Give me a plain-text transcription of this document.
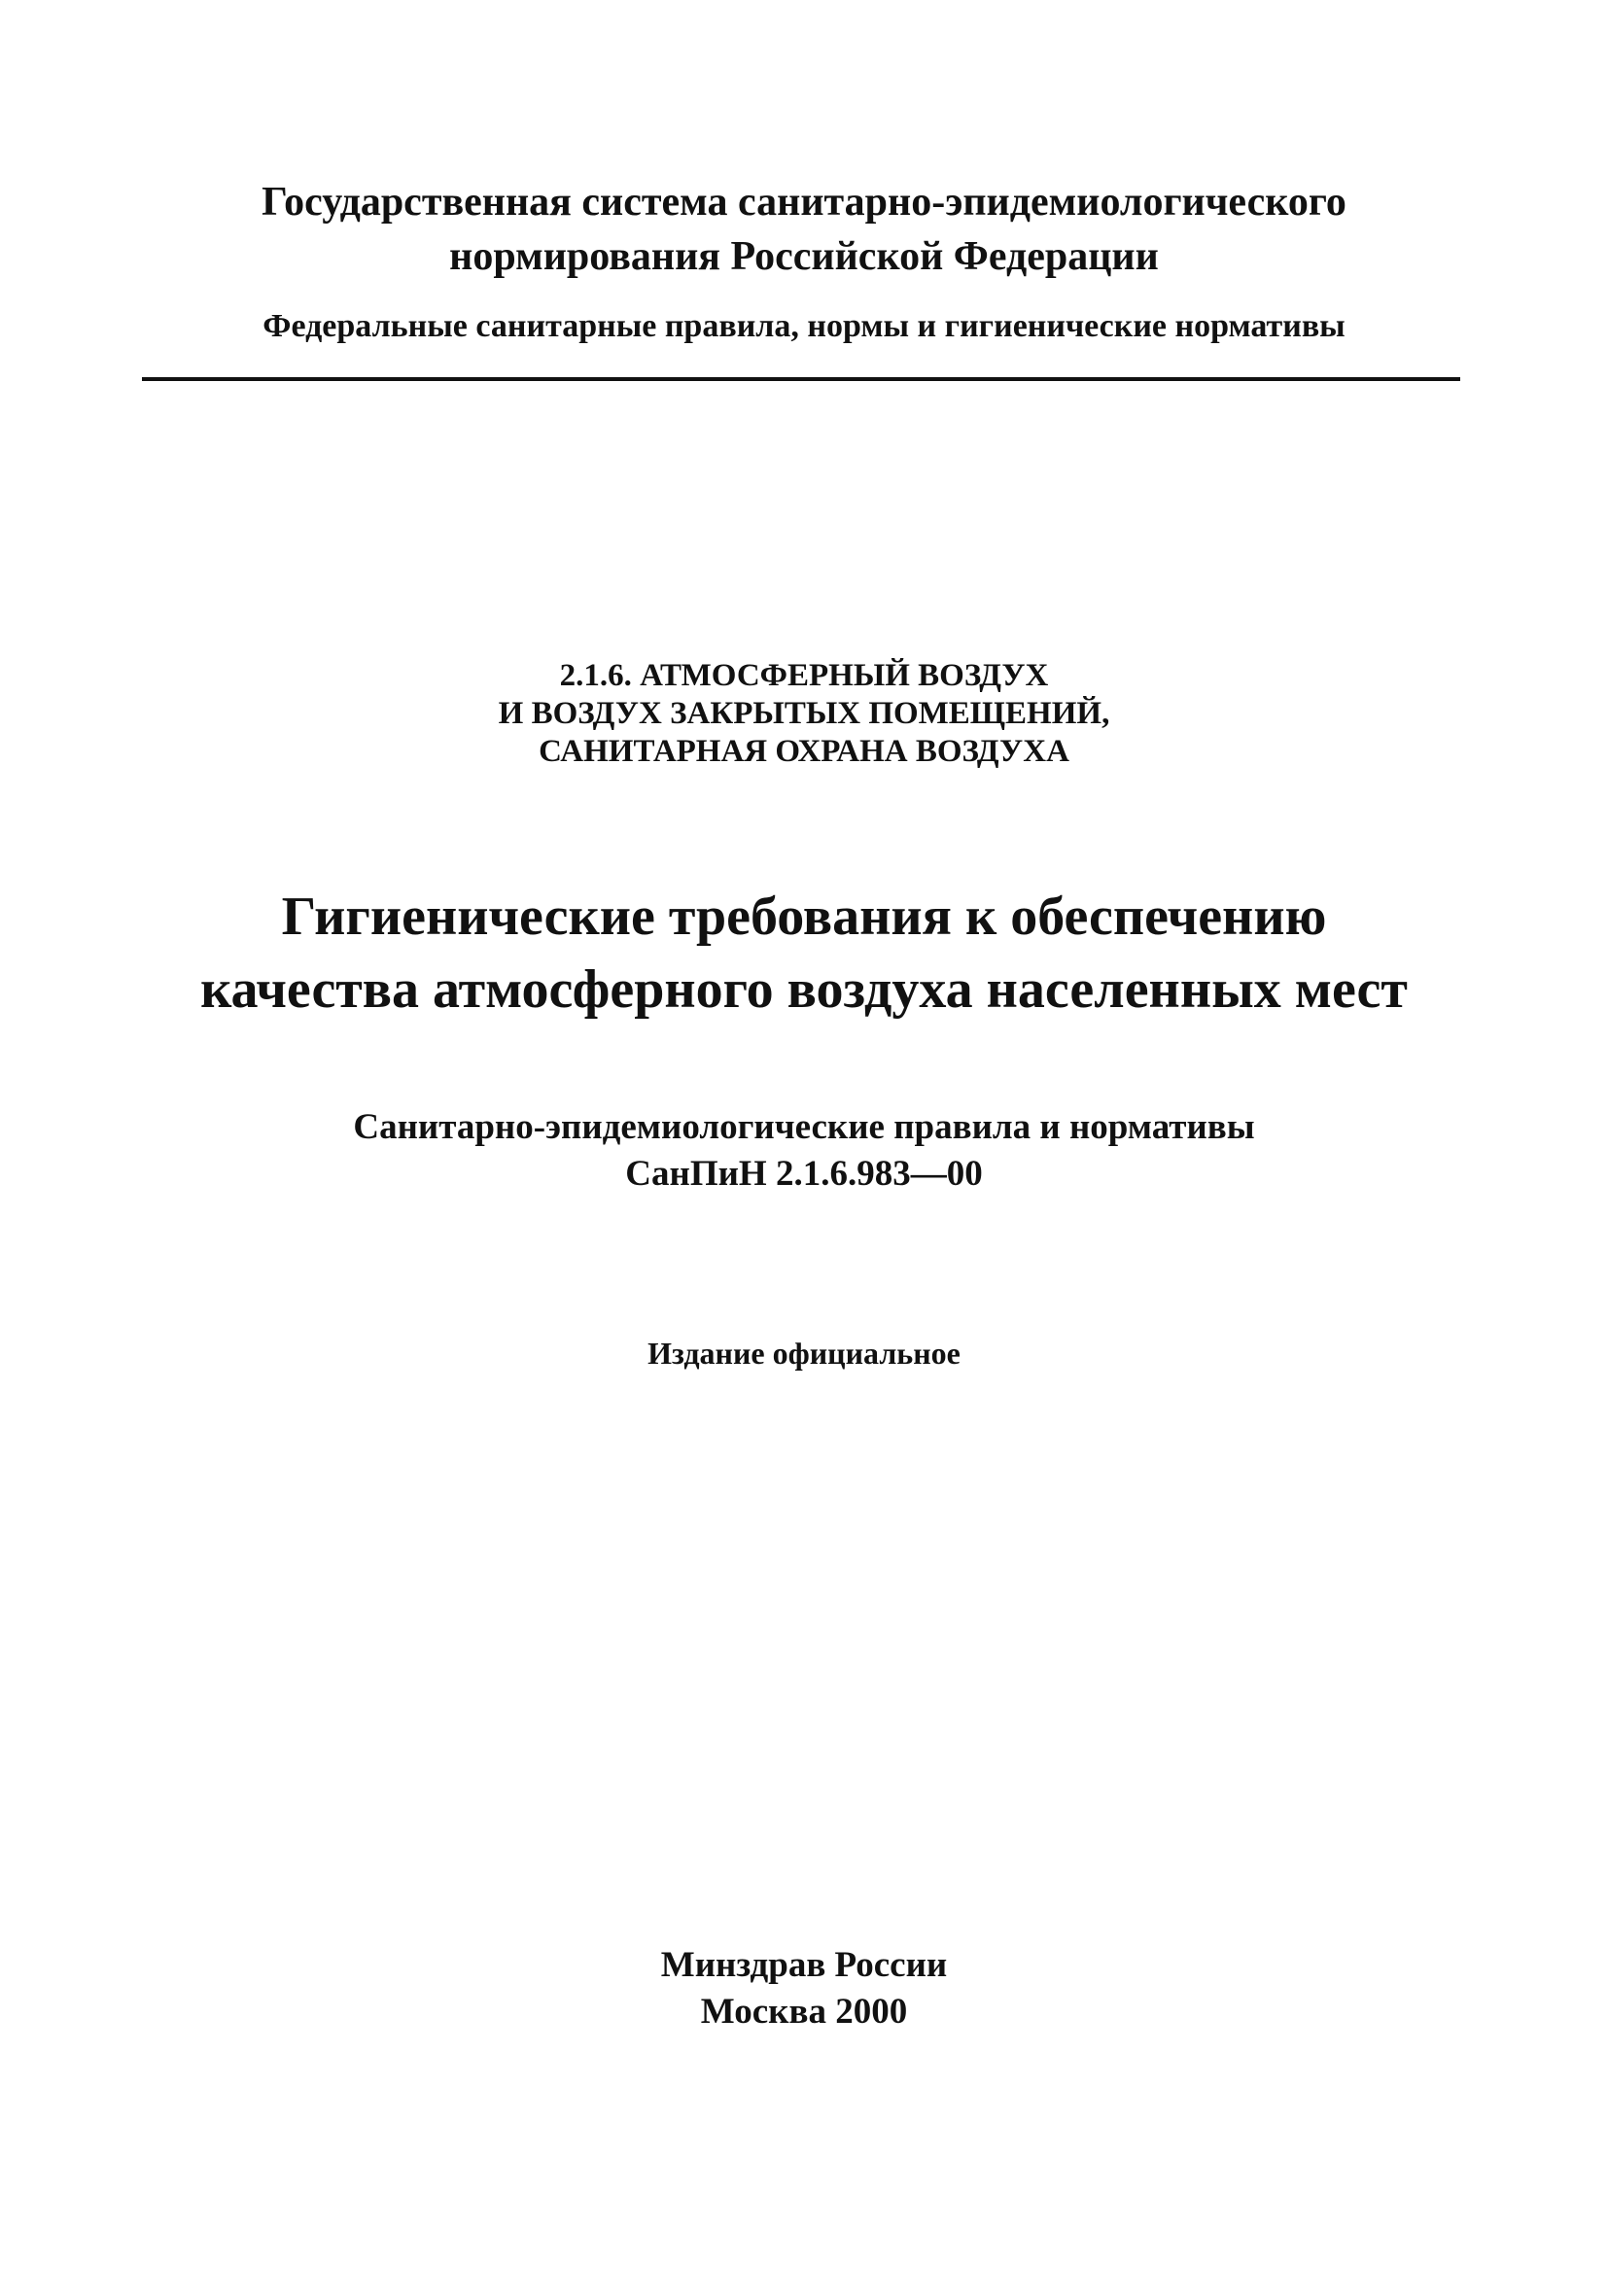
Государственная система санитарно-эпидемиологического
нормирования Российской Федерации
Федеральные санитарные правила, нормы и гигиенические нормативы
2.1.6. АТМОСФЕРНЫЙ ВОЗДУХ
И ВОЗДУХ ЗАКРЫТЫХ ПОМЕЩЕНИЙ,
САНИТАРНАЯ ОХРАНА ВОЗДУХА
Гигиенические требования к обеспечению
качества атмосферного воздуха населенных мест
Санитарно-эпидемиологические правила и нормативы
СанПиН 2.1.6.983—00
Издание официальное
Минздрав России
Москва 2000
